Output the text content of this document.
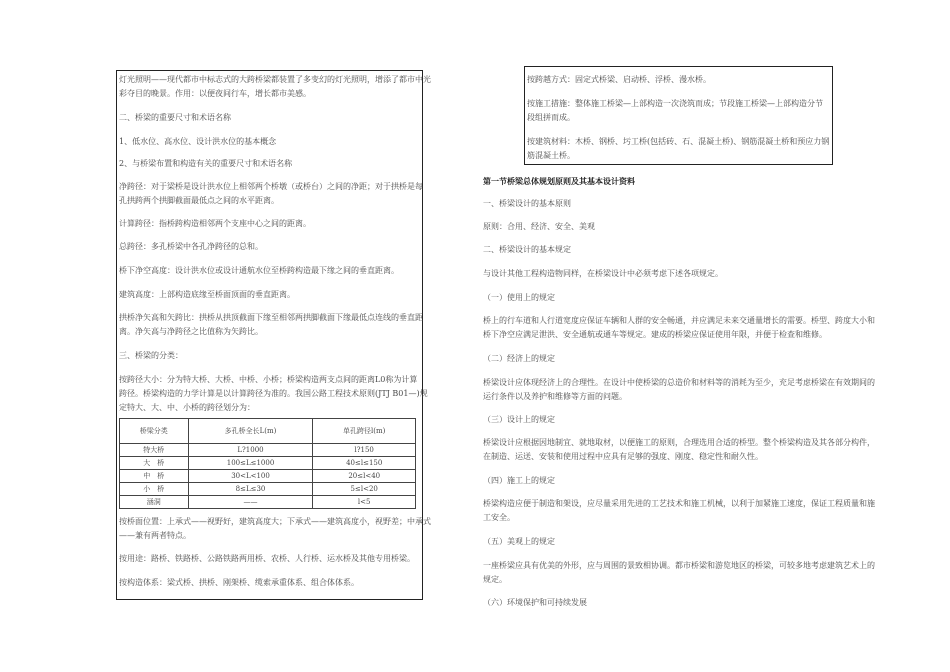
灯光照明——现代都市中标志式的大跨桥梁都装置了多变幻的灯光照明，增添了都市中光
彩夺目的晚景。作用：以便夜间行车，增长都市美感。
二、桥梁的重要尺寸和术语名称
1、低水位、高水位、设计洪水位的基本概念
2、与桥梁布置和构造有关的重要尺寸和术语名称
净跨径：对于梁桥是设计洪水位上相邻两个桥墩（或桥台）之间的净距；对于拱桥是每
孔拱跨两个拱脚截面最低点之间的水平距离。
计算跨径：指桥跨构造相邻两个支座中心之间的距离。
总跨径：多孔桥梁中各孔净跨径的总和。
桥下净空高度：设计洪水位或设计通航水位至桥跨构造最下缘之间的垂直距离。
建筑高度：上部构造底缘至桥面顶面的垂直距离。
拱桥净矢高和矢跨比：拱桥从拱顶截面下缘至相邻两拱脚截面下缘最低点连线的垂直距
离。净矢高与净跨径之比值称为矢跨比。
三、桥梁的分类：
按跨径大小：分为特大桥、大桥、中桥、小桥；桥梁构造两支点间的距离L0称为计算
跨径。桥梁构造的力学计算是以计算跨径为准的。我国公路工程技术原则(JTJ B01—)规
定特大、大、中、小桥的跨径划分为：
桥梁分类	多孔桥全长L(m)	单孔跨径l(m)
特大桥	L?1000	l?150
大　桥	100≤L≤1000	40≤l≤150
中　桥	30<L<100	20≤l<40
小　桥	8≤L≤30	5≤l<20
涵洞	——	l<5
按桥面位置：上承式——视野好，建筑高度大；下承式——建筑高度小，视野差；中承式
——兼有两者特点。
按用途：路桥、铁路桥、公路铁路两用桥、农桥、人行桥、运水桥及其他专用桥梁。
按构造体系：梁式桥、拱桥、刚架桥、缆索承重体系、组合体体系。
按跨越方式：固定式桥梁、启动桥、浮桥、漫水桥。
按施工措施：整体施工桥梁—上部构造一次浇筑而成；节段施工桥梁—上部构造分节
段组拼而成。
按建筑材料：木桥、钢桥、圬工桥(包括砖、石、混凝土桥)、钢筋混凝土桥和预应力钢
筋混凝土桥。
第一节桥梁总体规划原则及其基本设计资料
一、桥梁设计的基本原则
原则：合用、经济、安全、美观
二、桥梁设计的基本规定
与设计其他工程构造物同样，在桥梁设计中必须考虑下述各项规定。
（一）使用上的规定
桥上的行车道和人行道宽度应保证车辆和人群的安全畅通，并应满足未来交通量增长的需要。桥型、跨度大小和
桥下净空应满足泄洪、安全通航或通车等规定。建成的桥梁应保证使用年限，并便于检查和维修。
（二）经济上的规定
桥梁设计应体现经济上的合理性。在设计中使桥梁的总造价和材料等的消耗为至少，充足考虑桥梁在有效期间的
运行条件以及养护和维修等方面的问题。
（三）设计上的规定
桥梁设计应根据因地制宜、就地取材，以便施工的原则，合理选用合适的桥型。整个桥梁构造及其各部分构件，
在制造、运送、安装和使用过程中应具有足够的强度、刚度、稳定性和耐久性。
（四）施工上的规定
桥梁构造应便于制造和架设，应尽量采用先进的工艺技术和施工机械，以利于加紧施工速度，保证工程质量和施
工安全。
（五）美观上的规定
一座桥梁应具有优美的外形，应与周围的景致相协调。都市桥梁和游览地区的桥梁，可较多地考虑建筑艺术上的
规定。
（六）环境保护和可持续发展
